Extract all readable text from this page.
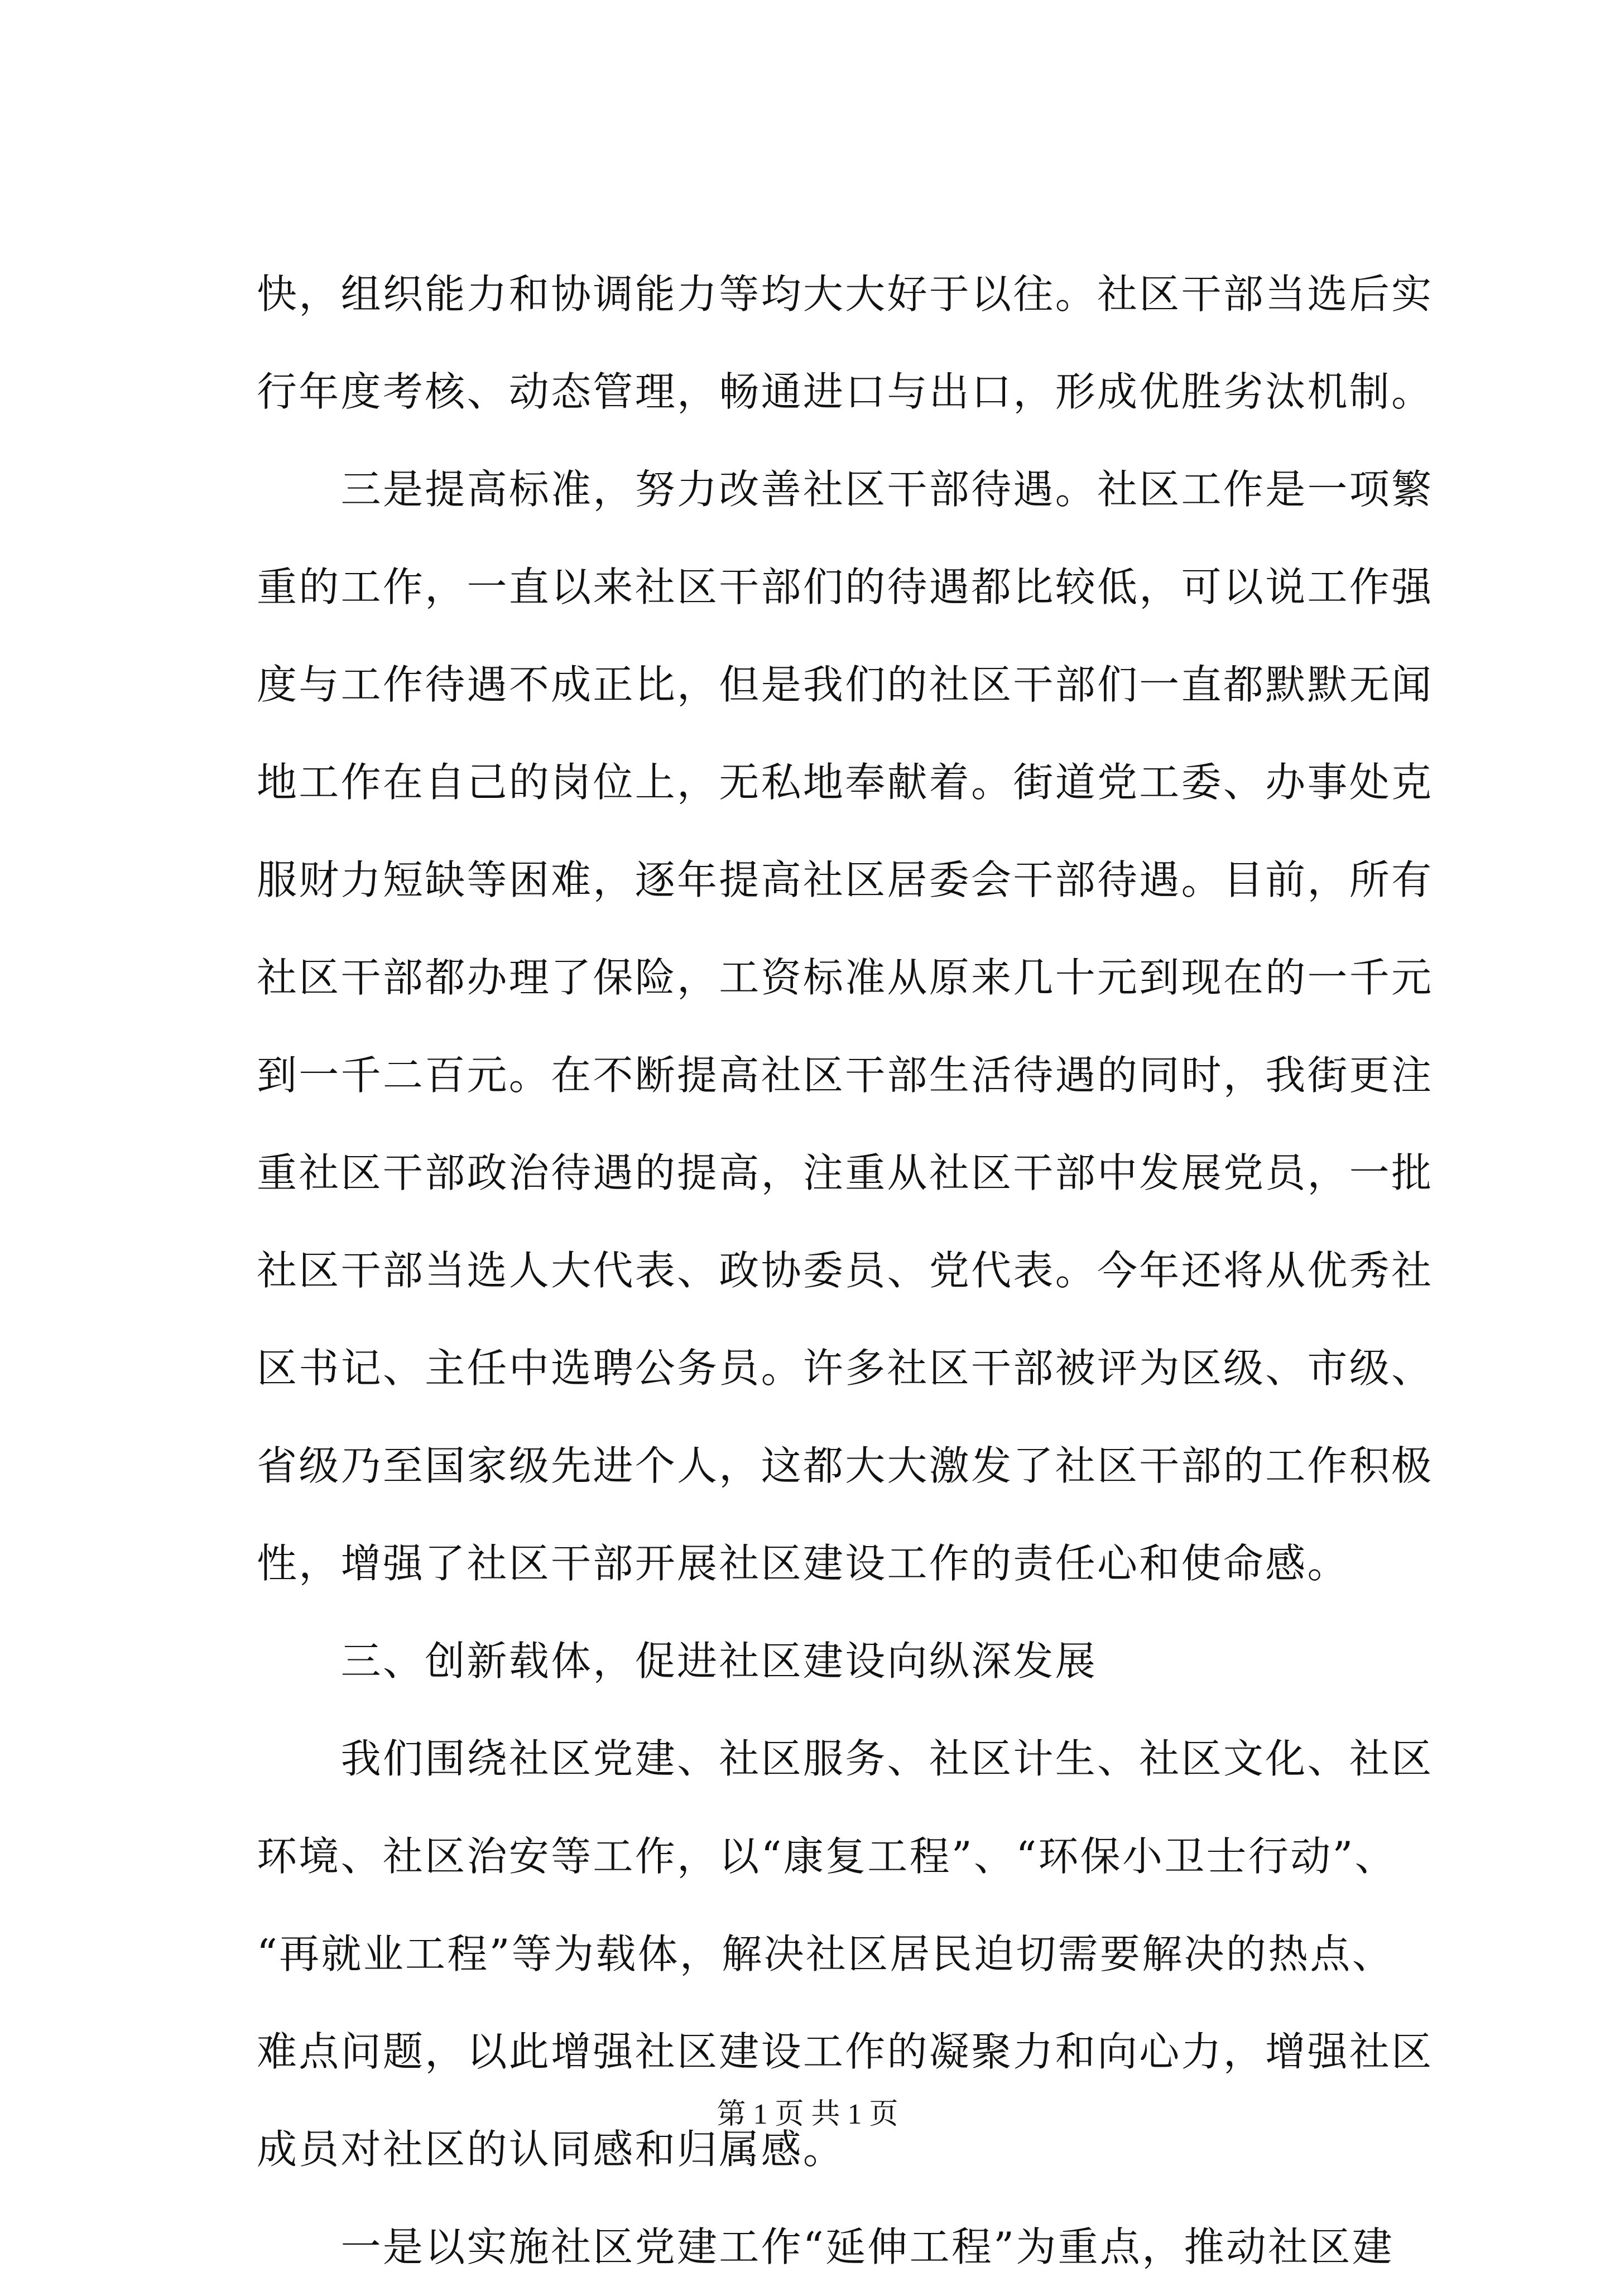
快，组织能力和协调能力等均大大好于以往。社区干部当选后实
行年度考核、动态管理，畅通进口与出口，形成优胜劣汰机制。
　　三是提高标准，努力改善社区干部待遇。社区工作是一项繁
重的工作，一直以来社区干部们的待遇都比较低，可以说工作强
度与工作待遇不成正比，但是我们的社区干部们一直都默默无闻
地工作在自己的岗位上，无私地奉献着。街道党工委、办事处克
服财力短缺等困难，逐年提高社区居委会干部待遇。目前，所有
社区干部都办理了保险，工资标准从原来几十元到现在的一千元
到一千二百元。在不断提高社区干部生活待遇的同时，我街更注
重社区干部政治待遇的提高，注重从社区干部中发展党员，一批
社区干部当选人大代表、政协委员、党代表。今年还将从优秀社
区书记、主任中选聘公务员。许多社区干部被评为区级、市级、
省级乃至国家级先进个人，这都大大激发了社区干部的工作积极
性，增强了社区干部开展社区建设工作的责任心和使命感。
　　三、创新载体，促进社区建设向纵深发展
　　我们围绕社区党建、社区服务、社区计生、社区文化、社区
环境、社区治安等工作，以“康复工程”、“环保小卫士行动”、
“再就业工程”等为载体，解决社区居民迫切需要解决的热点、
难点问题，以此增强社区建设工作的凝聚力和向心力，增强社区
成员对社区的认同感和归属感。
　　一是以实施社区党建工作“延伸工程”为重点，推动社区建
第 1 页 共 1 页
